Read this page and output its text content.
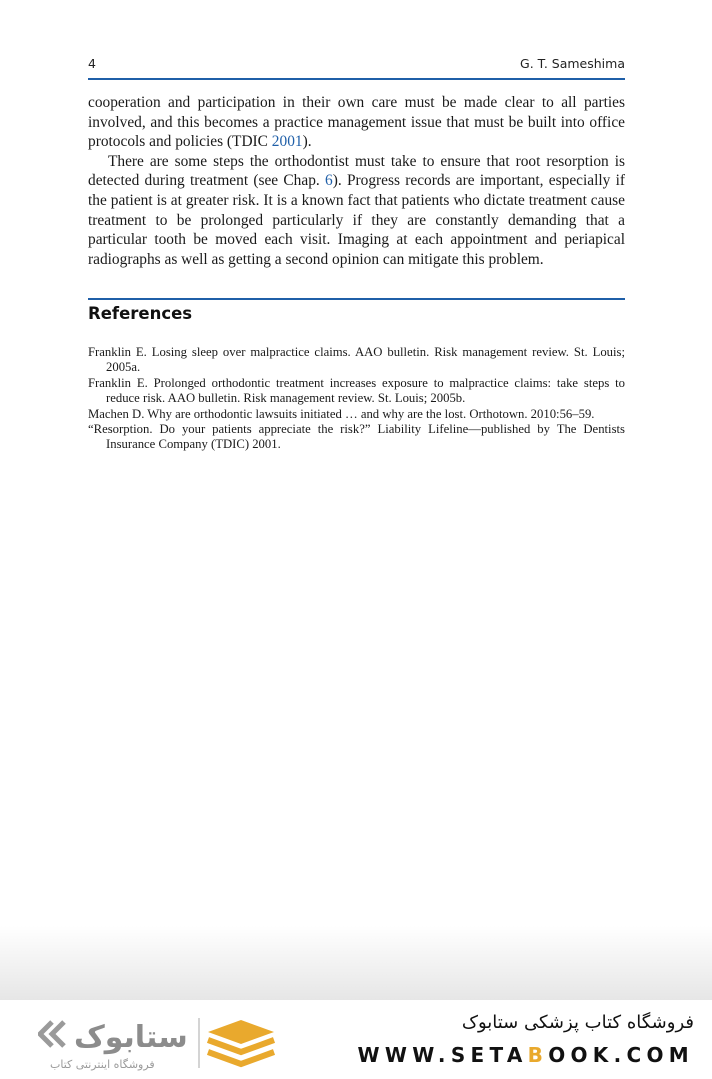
4	G. T. Sameshima

cooperation and participation in their own care must be made clear to all parties involved, and this becomes a practice management issue that must be built into office protocols and policies (TDIC 2001).

There are some steps the orthodontist must take to ensure that root resorption is detected during treatment (see Chap. 6). Progress records are important, especially if the patient is at greater risk. It is a known fact that patients who dictate treatment cause treatment to be prolonged particularly if they are constantly demanding that a particular tooth be moved each visit. Imaging at each appointment and periapical radiographs as well as getting a second opinion can mitigate this problem.

References

Franklin E. Losing sleep over malpractice claims. AAO bulletin. Risk management review. St. Louis; 2005a.

Franklin E. Prolonged orthodontic treatment increases exposure to malpractice claims: take steps to reduce risk. AAO bulletin. Risk management review. St. Louis; 2005b.

Machen D. Why are orthodontic lawsuits initiated … and why are the lost. Orthotown. 2010:56–59.

“Resorption. Do your patients appreciate the risk?” Liability Lifeline—published by The Dentists Insurance Company (TDIC) 2001.

ستابوک
فروشگاه اینترنتی کتاب
فروشگاه کتاب پزشکی ستابوک
WWW.SETABOOK.COM
